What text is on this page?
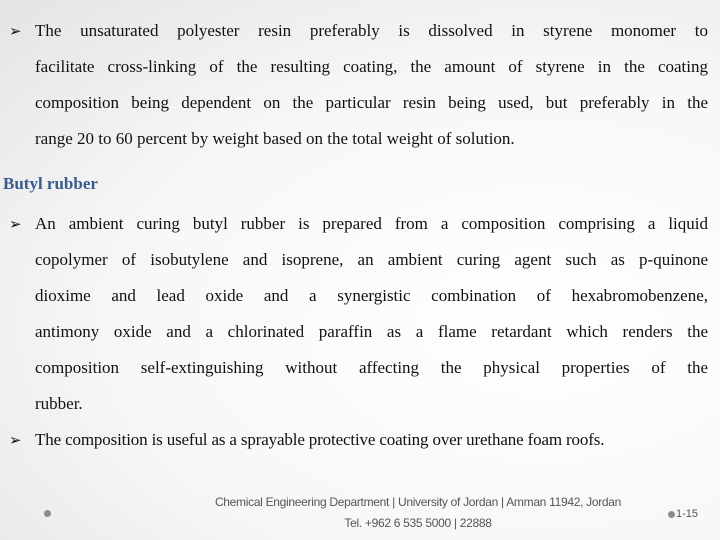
➢ The unsaturated polyester resin preferably is dissolved in styrene monomer to
facilitate cross-linking of the resulting coating, the amount of styrene in the coating
composition being dependent on the particular resin being used, but preferably in the
range 20 to 60 percent by weight based on the total weight of solution.
Butyl rubber
➢ An ambient curing butyl rubber is prepared from a composition comprising a liquid
copolymer of isobutylene and isoprene, an ambient curing agent such as p-quinone
dioxime and lead oxide and a synergistic combination of hexabromobenzene,
antimony oxide and a chlorinated paraffin as a flame retardant which renders the
composition self-extinguishing without affecting the physical properties of the
rubber.
➢ The composition is useful as a sprayable protective coating over urethane foam roofs.
Chemical Engineering Department | University of Jordan | Amman 11942, Jordan
Tel. +962 6 535 5000 | 22888
1-15
